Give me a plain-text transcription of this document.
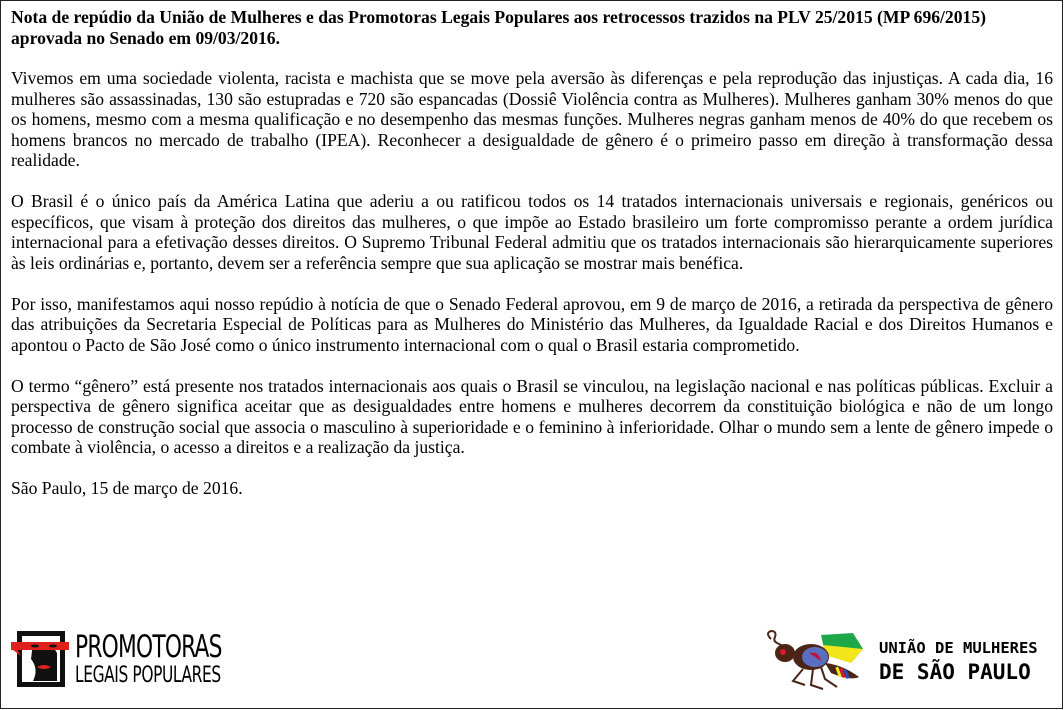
Nota de repúdio da União de Mulheres e das Promotoras Legais Populares aos retrocessos trazidos na PLV 25/2015 (MP 696/2015) aprovada no Senado em 09/03/2016.

Vivemos em uma sociedade violenta, racista e machista que se move pela aversão às diferenças e pela reprodução das injustiças. A cada dia, 16 mulheres são assassinadas, 130 são estupradas e 720 são espancadas (Dossiê Violência contra as Mulheres). Mulheres ganham 30% menos do que os homens, mesmo com a mesma qualificação e no desempenho das mesmas funções. Mulheres negras ganham menos de 40% do que recebem os homens brancos no mercado de trabalho (IPEA). Reconhecer a desigualdade de gênero é o primeiro passo em direção à transformação dessa realidade.

O Brasil é o único país da América Latina que aderiu a ou ratificou todos os 14 tratados internacionais universais e regionais, genéricos ou específicos, que visam à proteção dos direitos das mulheres, o que impõe ao Estado brasileiro um forte compromisso perante a ordem jurídica internacional para a efetivação desses direitos. O Supremo Tribunal Federal admitiu que os tratados internacionais são hierarquicamente superiores às leis ordinárias e, portanto, devem ser a referência sempre que sua aplicação se mostrar mais benéfica.

Por isso, manifestamos aqui nosso repúdio à notícia de que o Senado Federal aprovou, em 9 de março de 2016, a retirada da perspectiva de gênero das atribuições da Secretaria Especial de Políticas para as Mulheres do Ministério das Mulheres, da Igualdade Racial e dos Direitos Humanos e apontou o Pacto de São José como o único instrumento internacional com o qual o Brasil estaria comprometido.

O termo “gênero” está presente nos tratados internacionais aos quais o Brasil se vinculou, na legislação nacional e nas políticas públicas. Excluir a perspectiva de gênero significa aceitar que as desigualdades entre homens e mulheres decorrem da constituição biológica e não de um longo processo de construção social que associa o masculino à superioridade e o feminino à inferioridade. Olhar o mundo sem a lente de gênero impede o combate à violência, o acesso a direitos e a realização da justiça.

São Paulo, 15 de março de 2016.

PROMOTORAS
LEGAIS POPULARES
UNIÃO DE MULHERES
DE SÃO PAULO
